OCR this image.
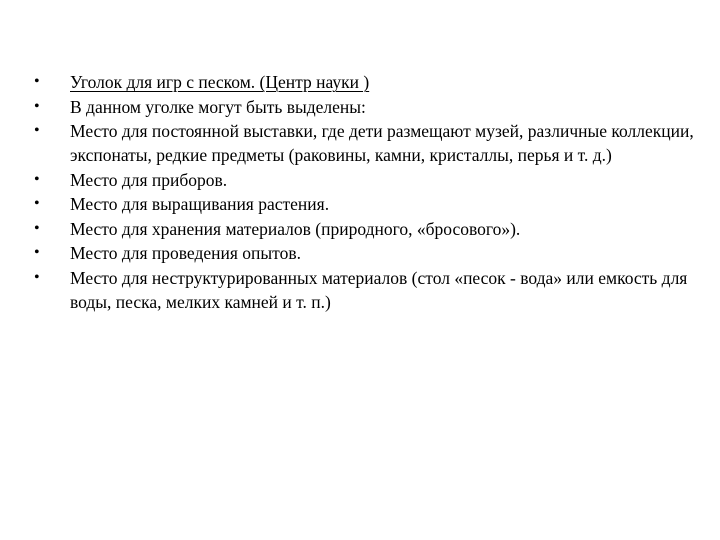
•	Уголок для игр с песком. (Центр науки )
•	В данном уголке могут быть выделены:
•	Место для постоянной выставки, где дети размещают музей, различные коллекции, экспонаты, редкие предметы (раковины, камни, кристаллы, перья и т. д.)
•	Место для приборов.
•	Место для выращивания растения.
•	Место для хранения материалов (природного, «бросового»).
•	Место для проведения опытов.
•	Место для неструктурированных материалов (стол «песок - вода» или емкость для воды, песка, мелких камней и т. п.)
